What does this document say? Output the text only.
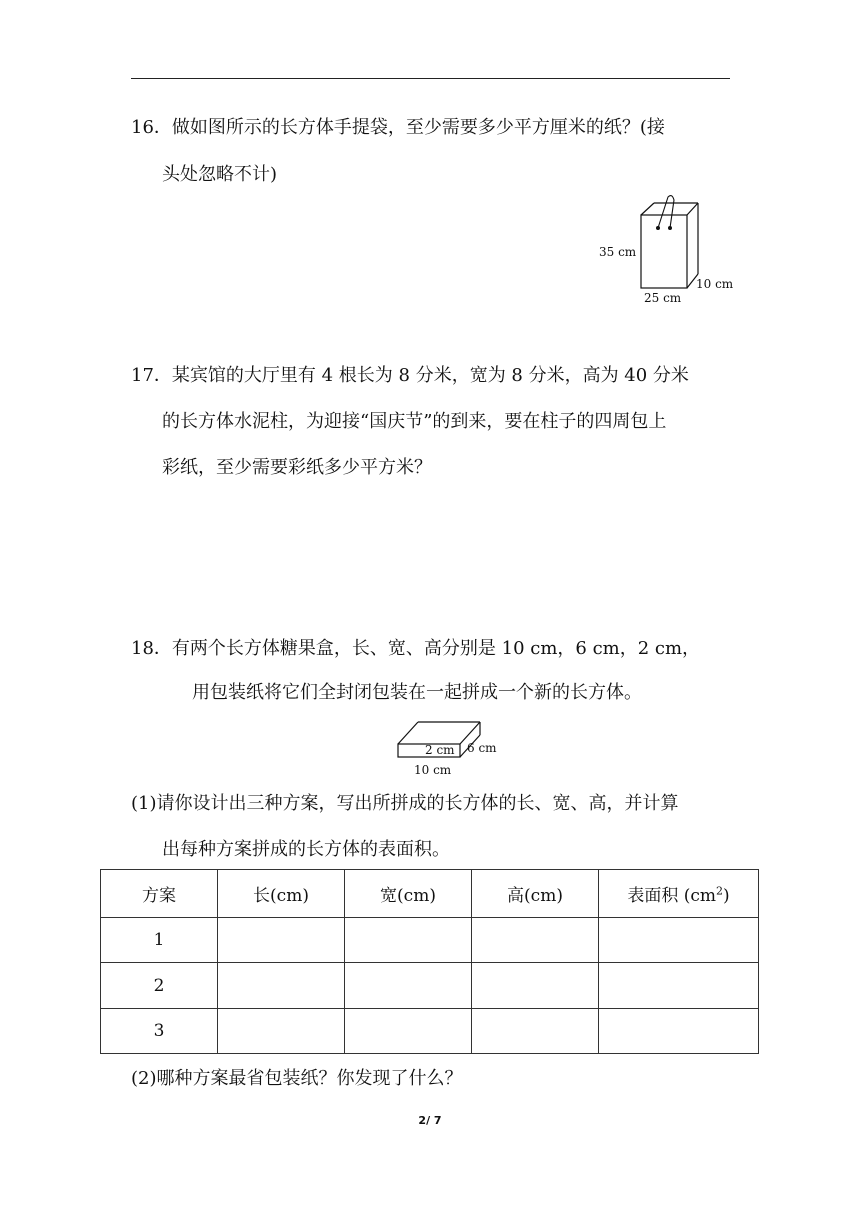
16．做如图所示的长方体手提袋，至少需要多少平方厘米的纸？(接
头处忽略不计)
35 cm
25 cm
10 cm
17．某宾馆的大厅里有 4 根长为 8 分米，宽为 8 分米，高为 40 分米
的长方体水泥柱，为迎接“国庆节”的到来，要在柱子的四周包上
彩纸，至少需要彩纸多少平方米？
18．有两个长方体糖果盒，长、宽、高分别是 10 cm，6 cm，2 cm，
用包装纸将它们全封闭包装在一起拼成一个新的长方体。
2 cm 6 cm
10 cm
(1)请你设计出三种方案，写出所拼成的长方体的长、宽、高，并计算
出每种方案拼成的长方体的表面积。
方案	长(cm)	宽(cm)	高(cm)	表面积 $(cm^2)$
1				
2				
3				
(2)哪种方案最省包装纸？你发现了什么？
2/ 7
